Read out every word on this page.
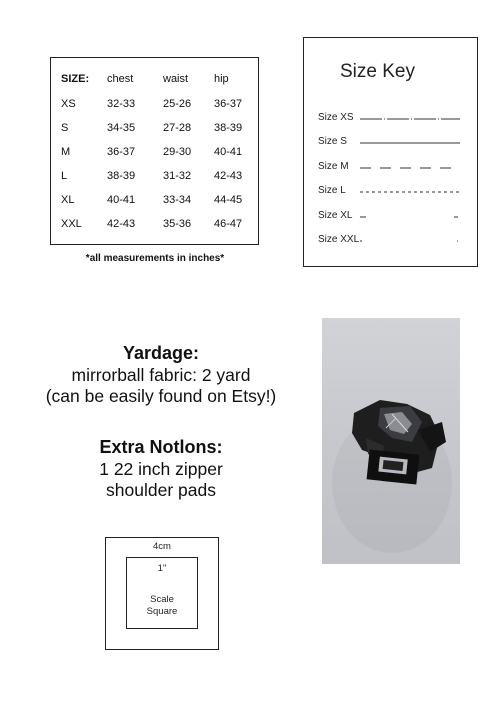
SIZE: chest	waist hip
XS	32-33	25-26 36-37
S	34-35	27-28 38-39
M	36-37	29-30 40-41
L	38-39	31-32 42-43
XL	40-41	33-34 44-45
XXL 42-43	35-36 46-47
*all measurements in inches*
Size Key
Size XS
Size S
Size M
Size L
Size XL
Size XXL
Yardage:
mirrorball fabric: 2 yard
(can be easily found on Etsy!)
Extra Notlons:
1 22 inch zipper
shoulder pads
4cm
1"
Scale
Square
